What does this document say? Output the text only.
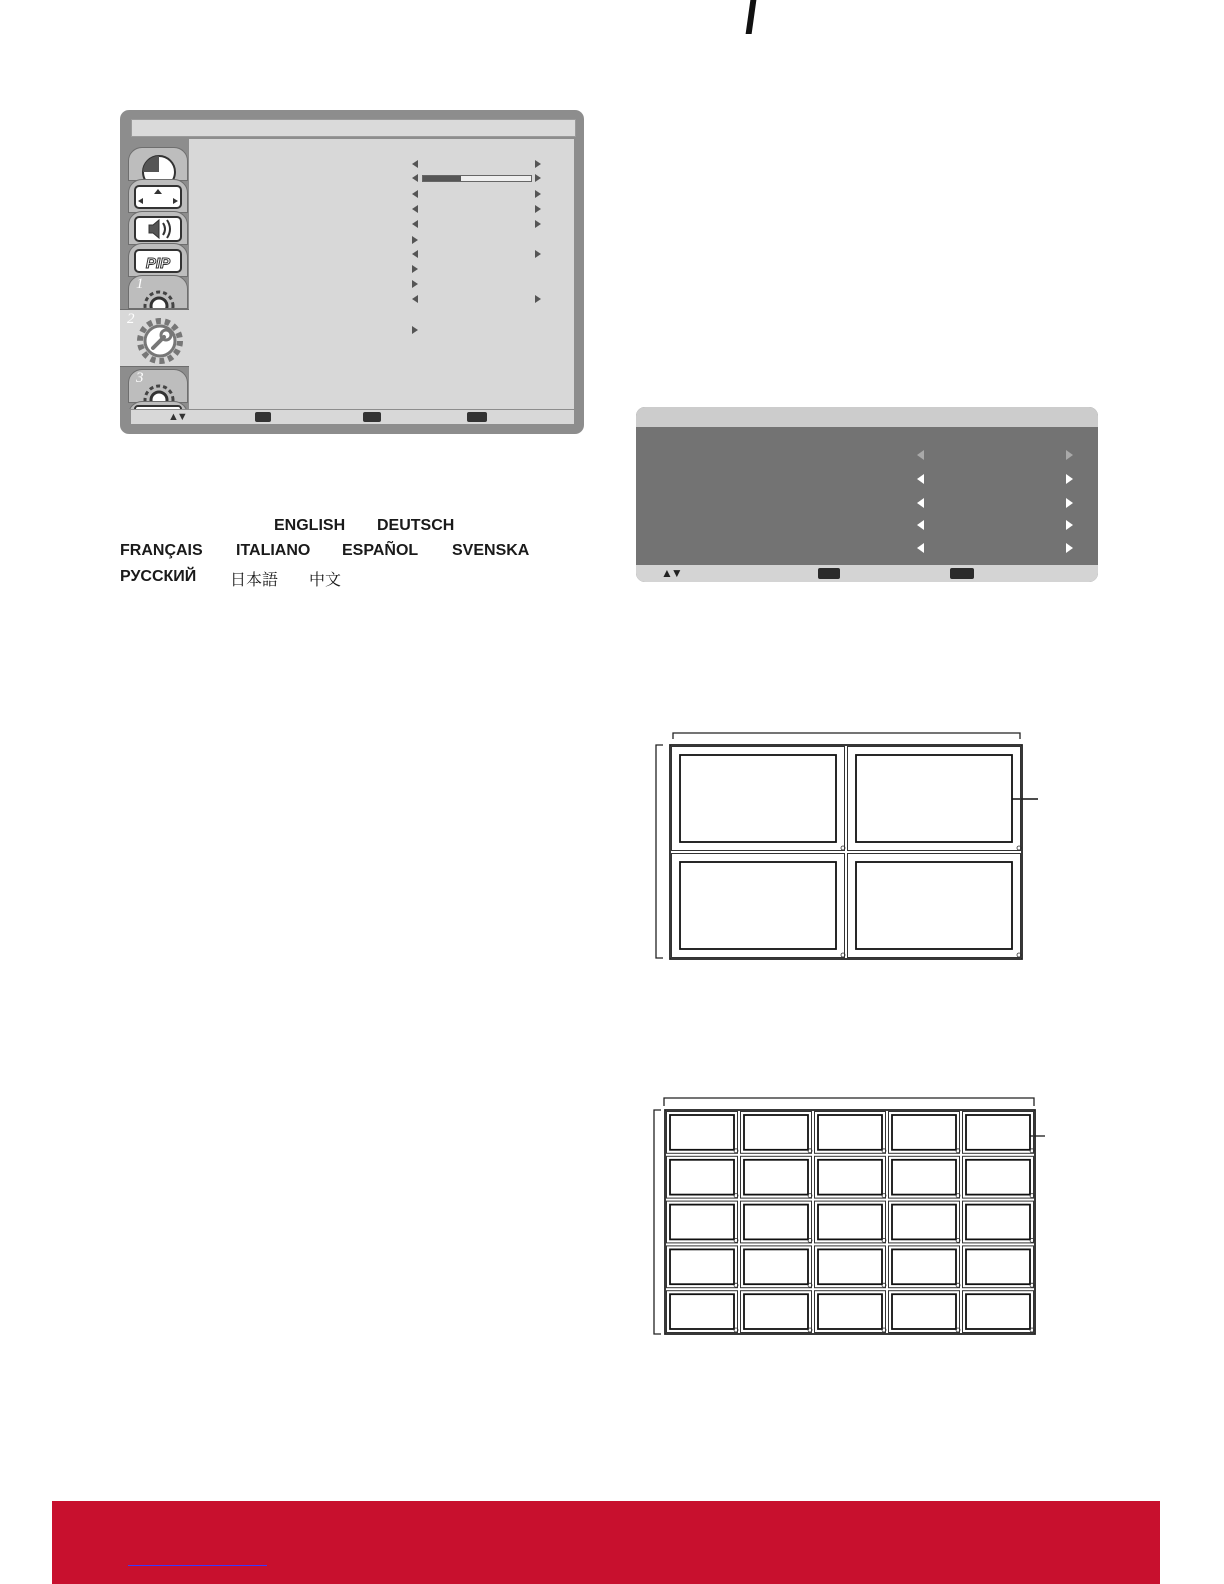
PIP
1
2
3
▲▼
ENGLISH DEUTSCH
FRANÇAIS ITALIANO ESPAÑOL SVENSKA
РУССКИЙ 日本語 中文	▲▼
